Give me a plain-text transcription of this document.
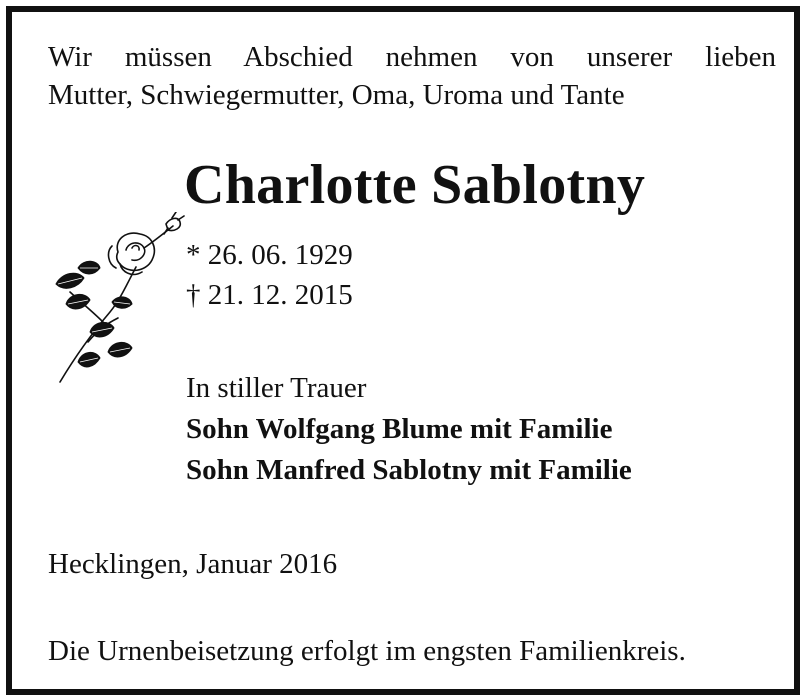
Wir müssen Abschied nehmen von unserer lieben
Mutter, Schwiegermutter, Oma, Uroma und Tante
Charlotte Sablotny
* 26. 06. 1929
† 21. 12. 2015
In stiller Trauer
Sohn Wolfgang Blume mit Familie
Sohn Manfred Sablotny mit Familie
Hecklingen, Januar 2016
Die Urnenbeisetzung erfolgt im engsten Familienkreis.
